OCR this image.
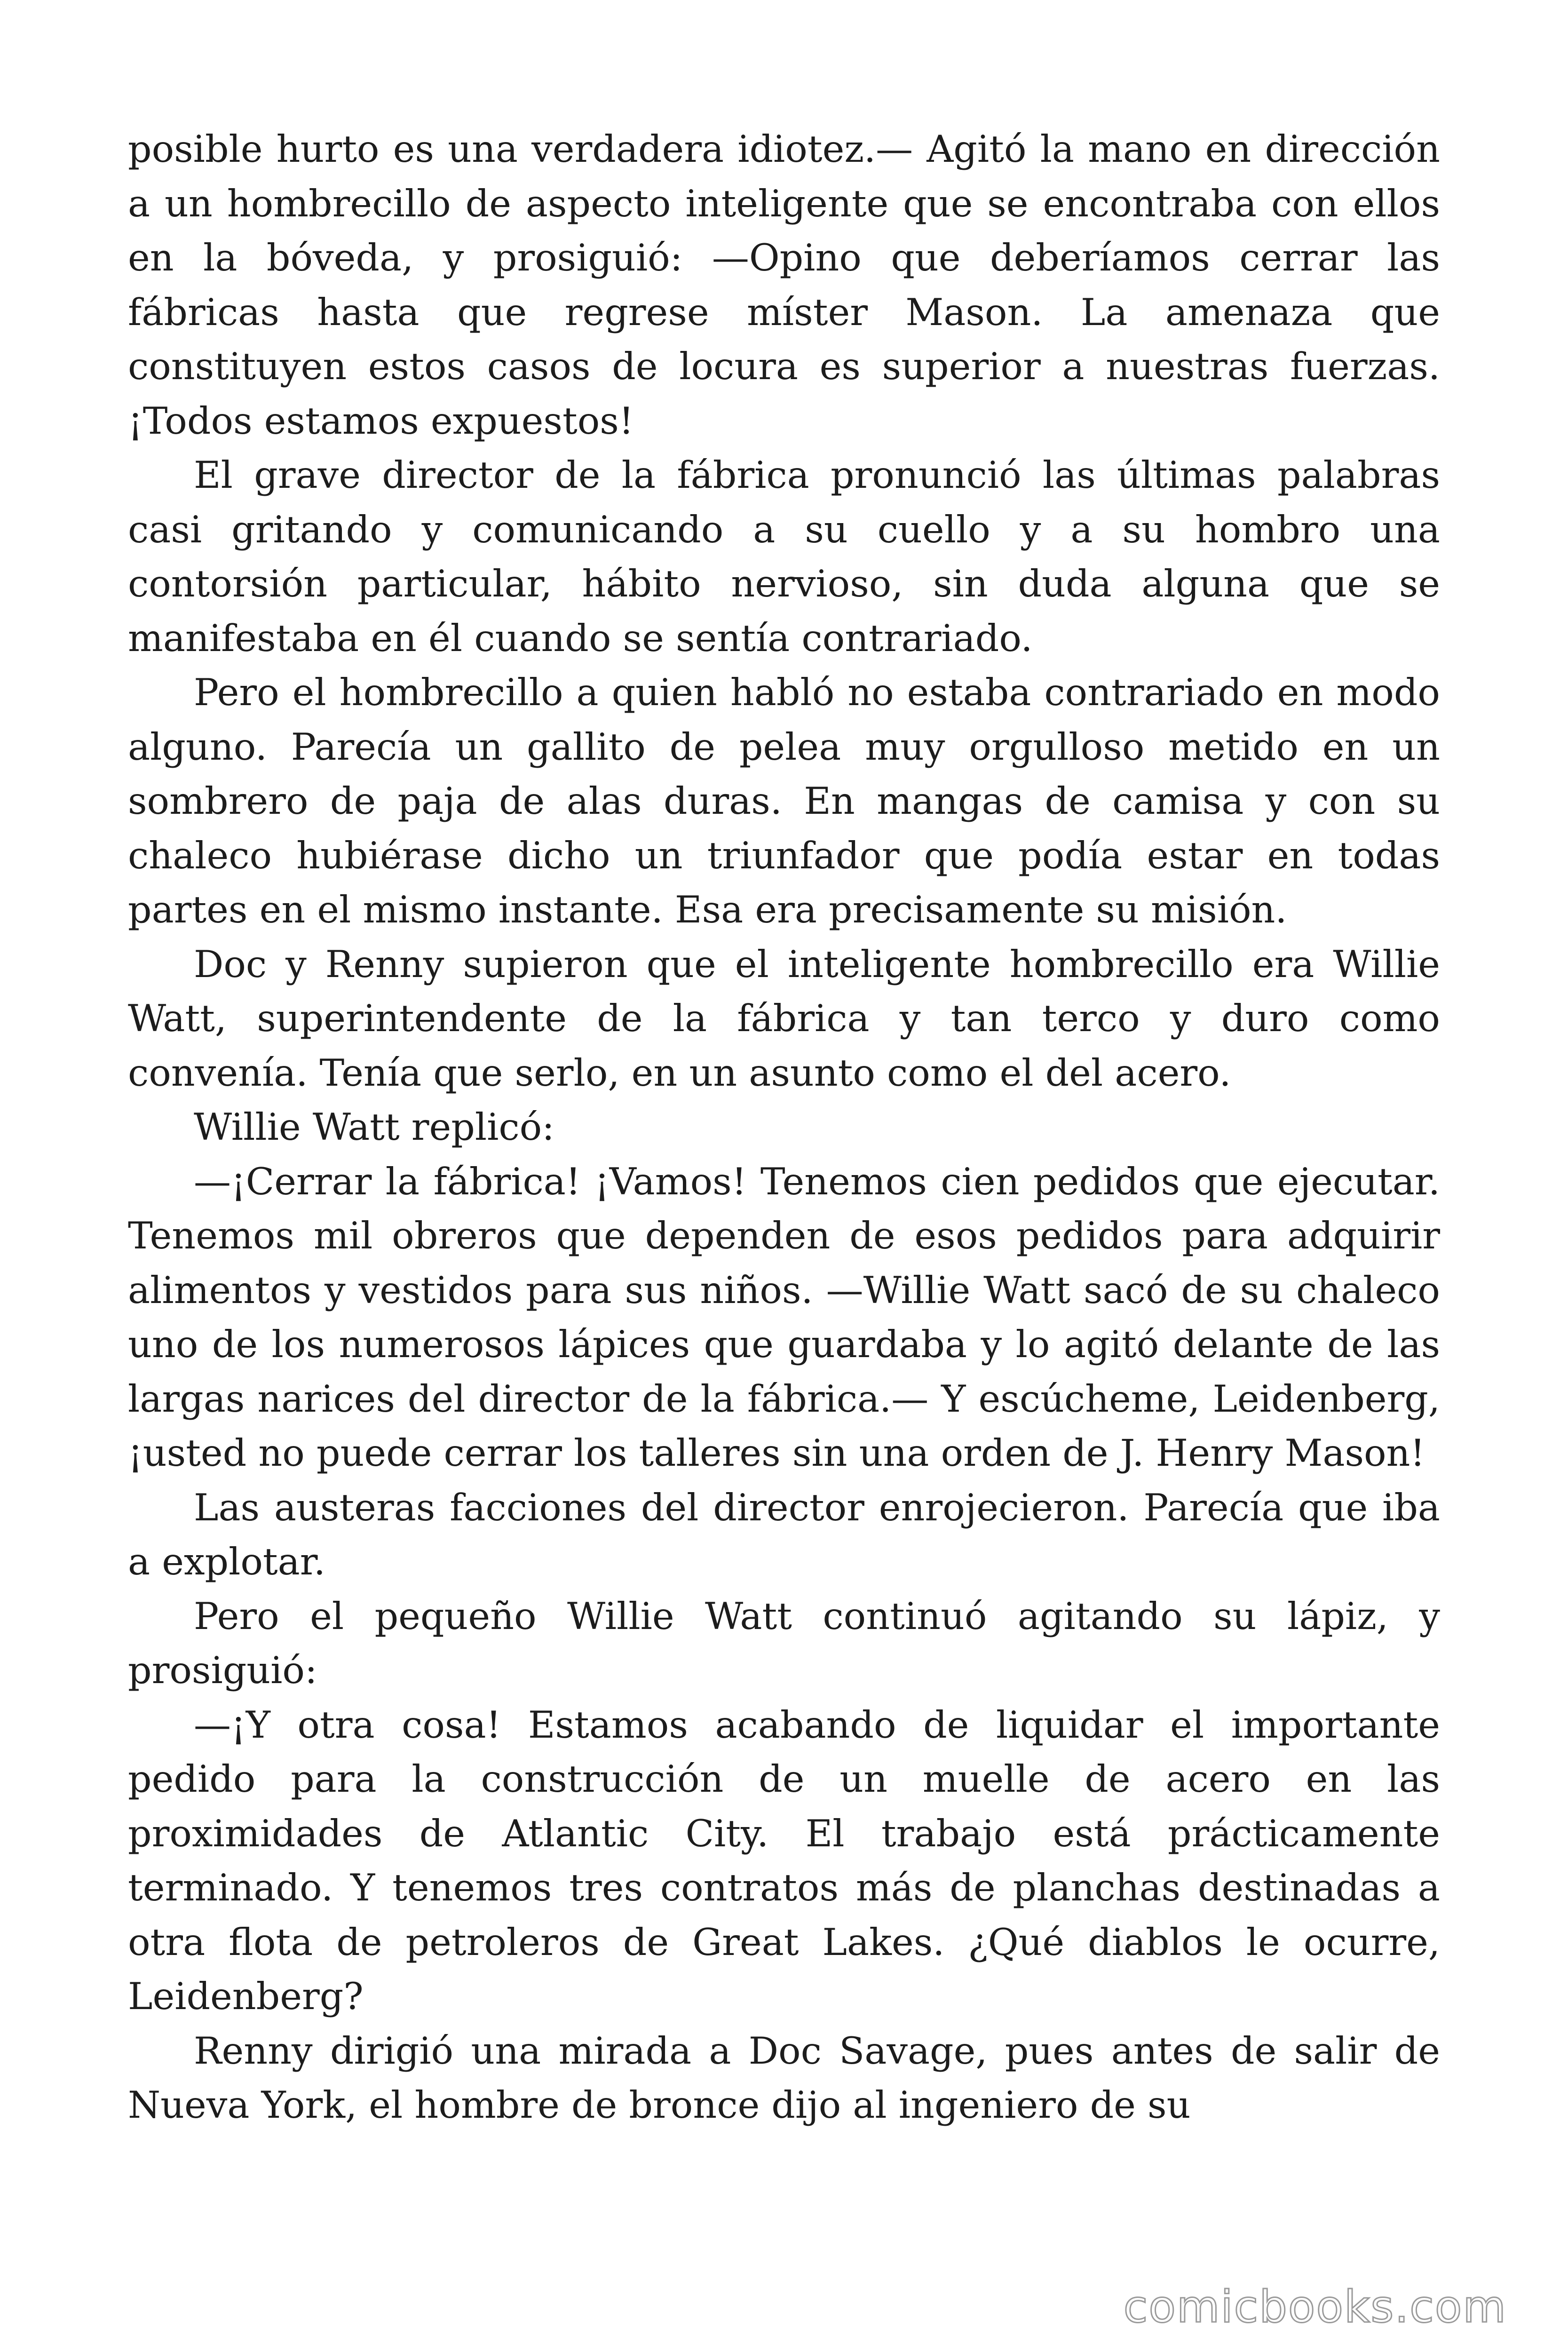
posible hurto es una verdadera idiotez.— Agitó la mano en dirección a un hombrecillo de aspecto inteligente que se encontraba con ellos en la bóveda, y prosiguió: —Opino que deberíamos cerrar las fábricas hasta que regrese míster Mason. La amenaza que constituyen estos casos de locura es superior a nuestras fuerzas. ¡Todos estamos expuestos!

El grave director de la fábrica pronunció las últimas palabras casi gritando y comunicando a su cuello y a su hombro una contorsión particular, hábito nervioso, sin duda alguna que se manifestaba en él cuando se sentía contrariado.

Pero el hombrecillo a quien habló no estaba contrariado en modo alguno. Parecía un gallito de pelea muy orgulloso metido en un sombrero de paja de alas duras. En mangas de camisa y con su chaleco hubiérase dicho un triunfador que podía estar en todas partes en el mismo instante. Esa era precisamente su misión.

Doc y Renny supieron que el inteligente hombrecillo era Willie Watt, superintendente de la fábrica y tan terco y duro como convenía. Tenía que serlo, en un asunto como el del acero.

Willie Watt replicó:

—¡Cerrar la fábrica! ¡Vamos! Tenemos cien pedidos que ejecutar. Tenemos mil obreros que dependen de esos pedidos para adquirir alimentos y vestidos para sus niños. —Willie Watt sacó de su chaleco uno de los numerosos lápices que guardaba y lo agitó delante de las largas narices del director de la fábrica.— Y escúcheme, Leidenberg, ¡usted no puede cerrar los talleres sin una orden de J. Henry Mason!

Las austeras facciones del director enrojecieron. Parecía que iba a explotar.

Pero el pequeño Willie Watt continuó agitando su lápiz, y prosiguió:

—¡Y otra cosa! Estamos acabando de liquidar el importante pedido para la construcción de un muelle de acero en las proximidades de Atlantic City. El trabajo está prácticamente terminado. Y tenemos tres contratos más de planchas destinadas a otra flota de petroleros de Great Lakes. ¿Qué diablos le ocurre, Leidenberg?

Renny dirigió una mirada a Doc Savage, pues antes de salir de Nueva York, el hombre de bronce dijo al ingeniero de su

comicbooks.com
